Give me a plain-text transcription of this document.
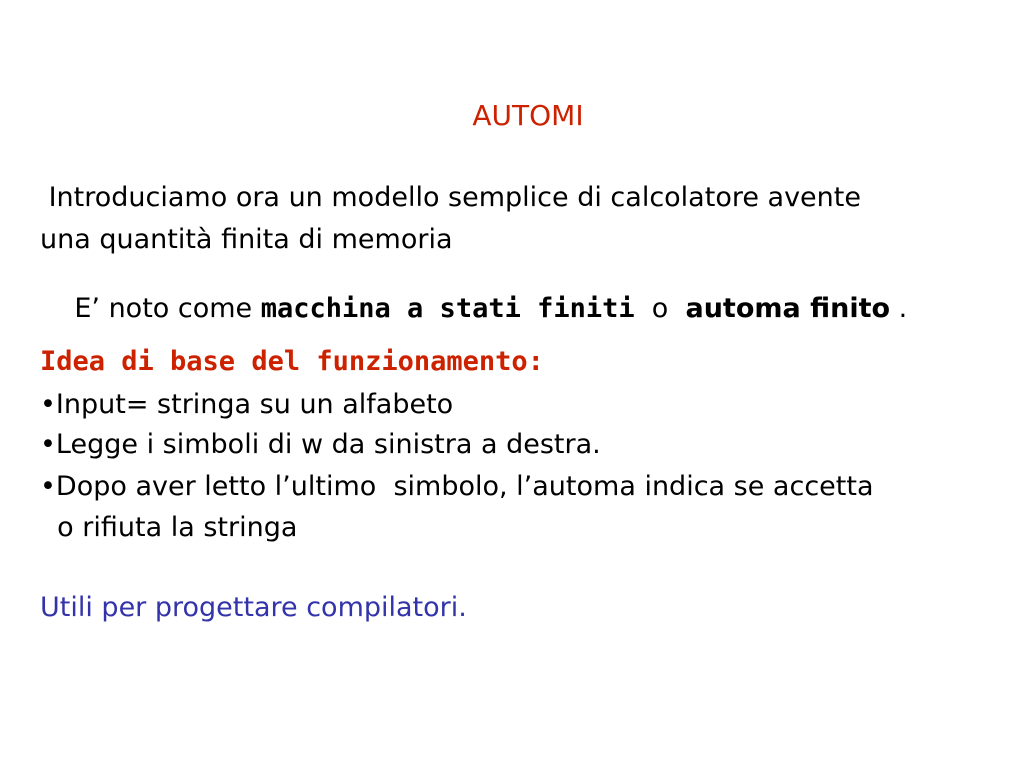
AUTOMI
Introduciamo ora un modello semplice di calcolatore avente
una quantità finita di memoria

E’ noto come macchina a stati finiti  o  automa finito .

Idea di base del funzionamento:
•Input= stringa su un alfabeto
•Legge i simboli di w da sinistra a destra.
•Dopo aver letto l’ultimo  simbolo, l’automa indica se accetta
o rifiuta la stringa
Utili per progettare compilatori.
